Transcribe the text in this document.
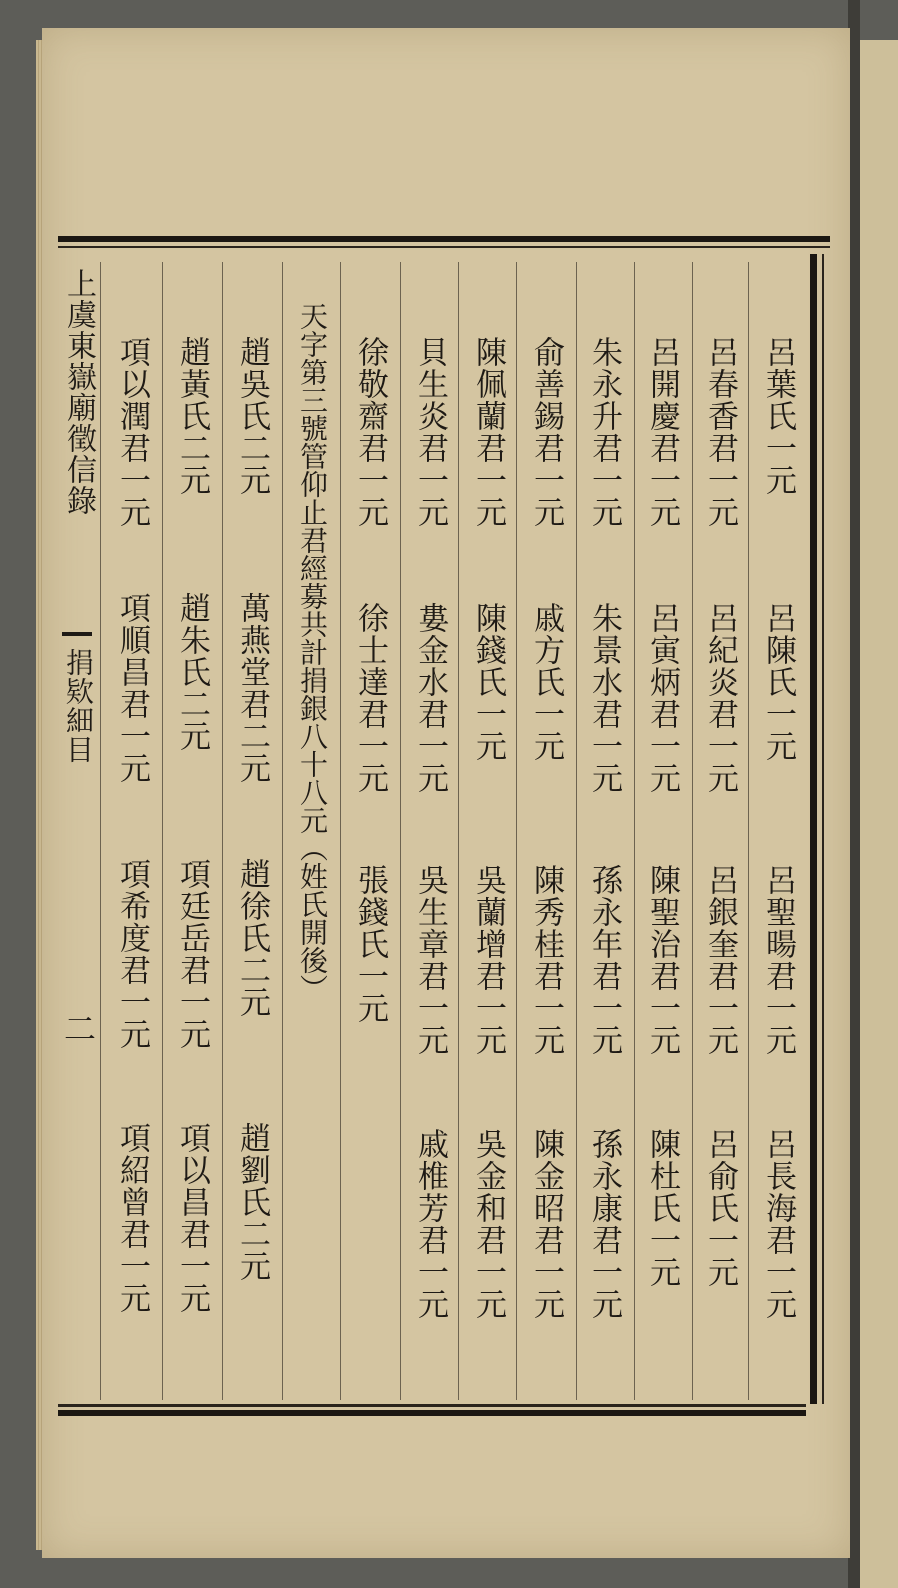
上虞東嶽廟徵信錄
捐欵細目
二
呂葉氏一元
呂陳氏一元
呂聖暘君一元
呂長海君一元
呂春香君一元
呂紀炎君一元
呂銀奎君一元
呂俞氏一元
呂開慶君一元
呂寅炳君一元
陳聖治君一元
陳杜氏一元
朱永升君一元
朱景水君一元
孫永年君一元
孫永康君一元
俞善錫君一元
戚方氏一元
陳秀桂君一元
陳金昭君一元
陳佩蘭君一元
陳錢氏一元
吳蘭增君一元
吳金和君一元
貝生炎君一元
婁金水君一元
吳生章君一元
戚椎芳君一元
徐敬齋君一元
徐士達君一元
張錢氏一元
天字第三號管仰止君經募共計捐銀八十八元（姓氏開後）
趙吳氏二元
萬燕堂君二元
趙徐氏二元
趙劉氏二元
趙黃氏二元
趙朱氏二元
項廷岳君一元
項以昌君一元
項以潤君一元
項順昌君一元
項希度君一元
項紹曾君一元
